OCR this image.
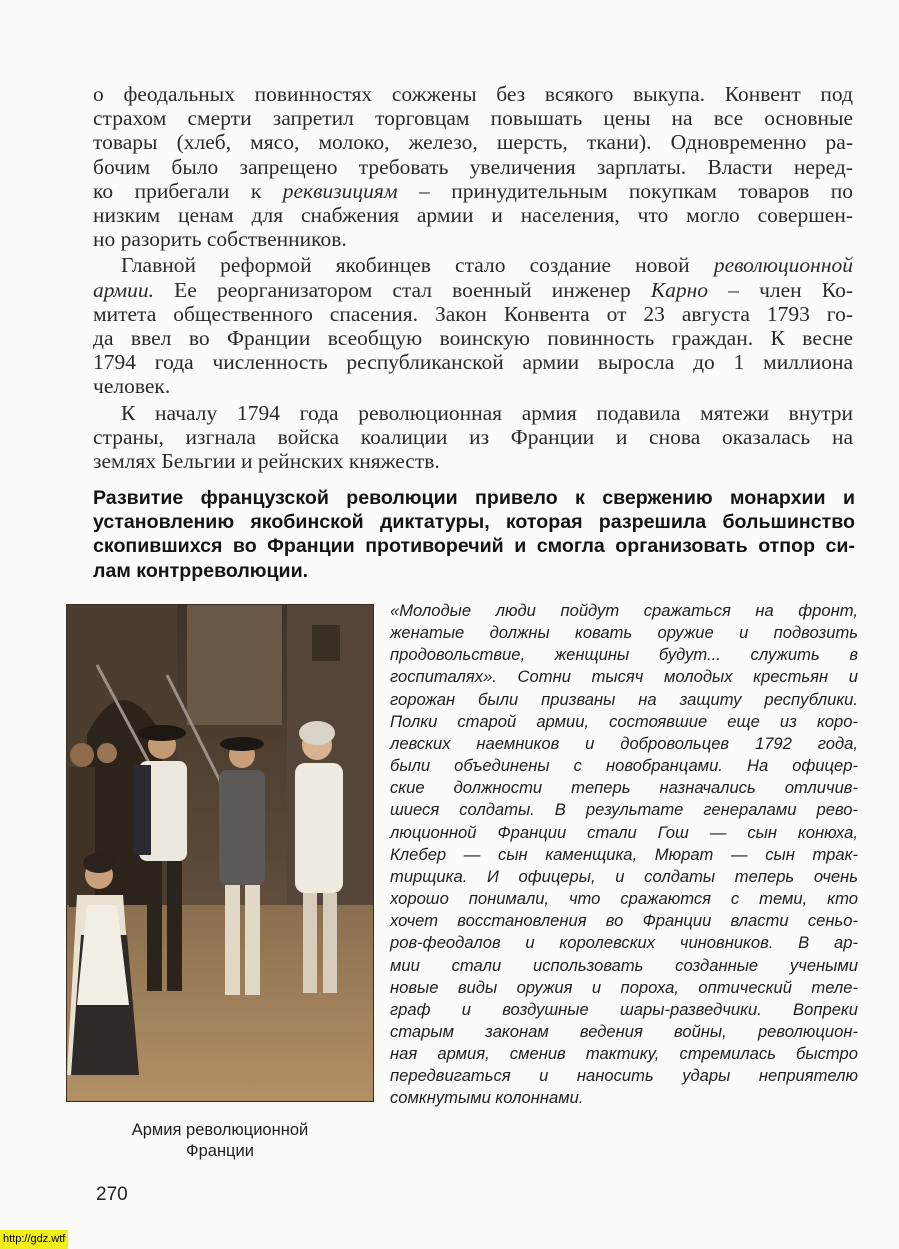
о феодальных повинностях сожжены без всякого выкупа. Конвент под
страхом смерти запретил торговцам повышать цены на все основные
товары (хлеб, мясо, молоко, железо, шерсть, ткани). Одновременно ра-
бочим было запрещено требовать увеличения зарплаты. Власти неред-
ко прибегали к реквизициям – принудительным покупкам товаров по
низким ценам для снабжения армии и населения, что могло совершен-
но разорить собственников.

Главной реформой якобинцев стало создание новой революционной
армии. Ее реорганизатором стал военный инженер Карно – член Ко-
митета общественного спасения. Закон Конвента от 23 августа 1793 го-
да ввел во Франции всеобщую воинскую повинность граждан. К весне
1794 года численность республиканской армии выросла до 1 миллиона
человек.

К началу 1794 года революционная армия подавила мятежи внутри
страны, изгнала войска коалиции из Франции и снова оказалась на
землях Бельгии и рейнских княжеств.

Развитие французской революции привело к свержению монархии и
установлению якобинской диктатуры, которая разрешила большинство
скопившихся во Франции противоречий и смогла организовать отпор си-
лам контрреволюции.
Армия революционной
Франции
«Молодые люди пойдут сражаться на фронт,
женатые должны ковать оружие и подвозить
продовольствие, женщины будут... служить в
госпиталях». Сотни тысяч молодых крестьян и
горожан были призваны на защиту республики.
Полки старой армии, состоявшие еще из коро-
левских наемников и добровольцев 1792 года,
были объединены с новобранцами. На офицер-
ские должности теперь назначались отличив-
шиеся солдаты. В результате генералами рево-
люционной Франции стали Гош — сын конюха,
Клебер — сын каменщика, Мюрат — сын трак-
тирщика. И офицеры, и солдаты теперь очень
хорошо понимали, что сражаются с теми, кто
хочет восстановления во Франции власти сеньо-
ров-феодалов и королевских чиновников. В ар-
мии стали использовать созданные учеными
новые виды оружия и пороха, оптический теле-
граф и воздушные шары-разведчики. Вопреки
старым законам ведения войны, революцион-
ная армия, сменив тактику, стремилась быстро
передвигаться и наносить удары неприятелю
сомкнутыми колоннами.
270
http://gdz.wtf
